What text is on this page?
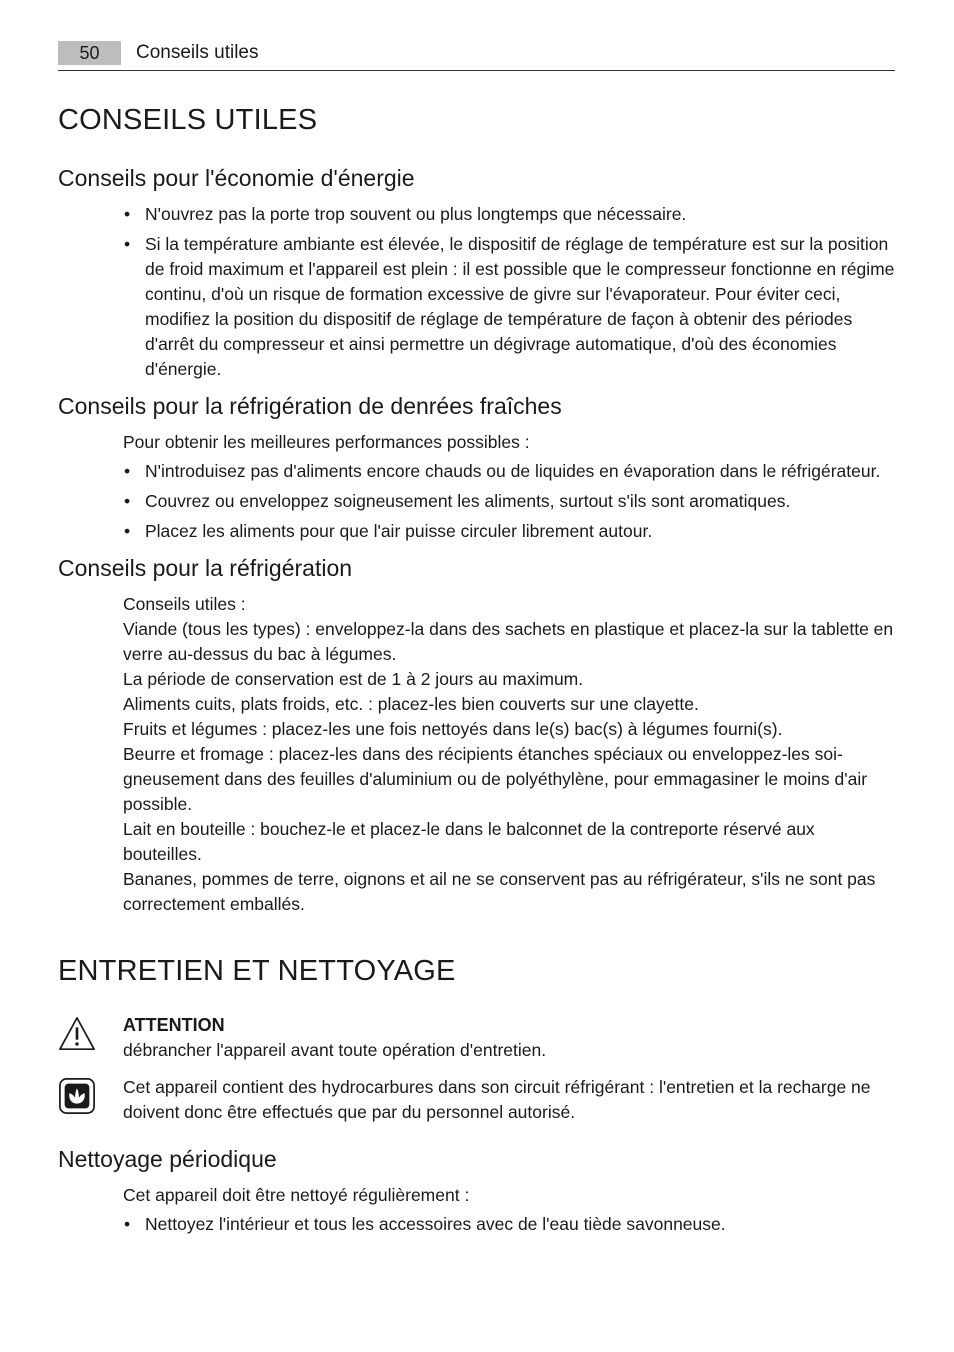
50	Conseils utiles
CONSEILS UTILES
Conseils pour l'économie d'énergie
• N'ouvrez pas la porte trop souvent ou plus longtemps que nécessaire.
• Si la température ambiante est élevée, le dispositif de réglage de température est sur la position de froid maximum et l'appareil est plein : il est possible que le compresseur fonctionne en régime continu, d'où un risque de formation excessive de givre sur l'évaporateur. Pour éviter ceci, modifiez la position du dispositif de réglage de température de façon à obtenir des périodes d'arrêt du compresseur et ainsi permettre un dégivrage automatique, d'où des économies d'énergie.
Conseils pour la réfrigération de denrées fraîches
Pour obtenir les meilleures performances possibles :
• N'introduisez pas d'aliments encore chauds ou de liquides en évaporation dans le réfrigérateur.
• Couvrez ou enveloppez soigneusement les aliments, surtout s'ils sont aromatiques.
• Placez les aliments pour que l'air puisse circuler librement autour.
Conseils pour la réfrigération
Conseils utiles :
Viande (tous les types) : enveloppez-la dans des sachets en plastique et placez-la sur la tablette en verre au-dessus du bac à légumes.
La période de conservation est de 1 à 2 jours au maximum.
Aliments cuits, plats froids, etc. : placez-les bien couverts sur une clayette.
Fruits et légumes : placez-les une fois nettoyés dans le(s) bac(s) à légumes fourni(s).
Beurre et fromage : placez-les dans des récipients étanches spéciaux ou enveloppez-les soigneusement dans des feuilles d'aluminium ou de polyéthylène, pour emmagasiner le moins d'air possible.
Lait en bouteille : bouchez-le et placez-le dans le balconnet de la contreporte réservé aux bouteilles.
Bananes, pommes de terre, oignons et ail ne se conservent pas au réfrigérateur, s'ils ne sont pas correctement emballés.
ENTRETIEN ET NETTOYAGE
ATTENTION
débrancher l'appareil avant toute opération d'entretien.
Cet appareil contient des hydrocarbures dans son circuit réfrigérant : l'entretien et la recharge ne doivent donc être effectués que par du personnel autorisé.
Nettoyage périodique
Cet appareil doit être nettoyé régulièrement :
• Nettoyez l'intérieur et tous les accessoires avec de l'eau tiède savonneuse.
